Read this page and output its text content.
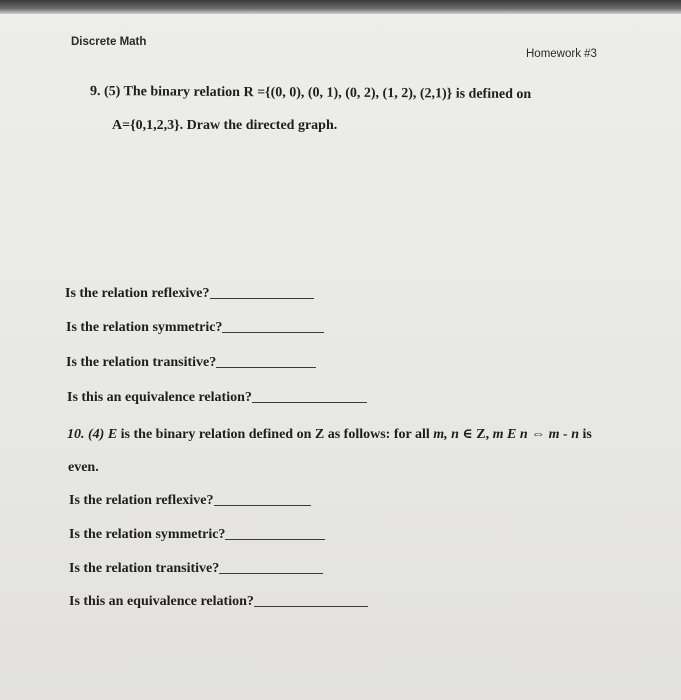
Discrete Math
Homework #3
9. (5) The binary relation R ={(0, 0), (0, 1), (0, 2), (1, 2), (2,1)} is defined on
A={0,1,2,3}. Draw the directed graph.
Is the relation reflexive?
Is the relation symmetric?
Is the relation transitive?
Is this an equivalence relation?
10. (4) E is the binary relation defined on Z as follows: for all m, n ∈ Z, m E n ⇔ m - n is
even.
Is the relation reflexive?
Is the relation symmetric?
Is the relation transitive?
Is this an equivalence relation?
